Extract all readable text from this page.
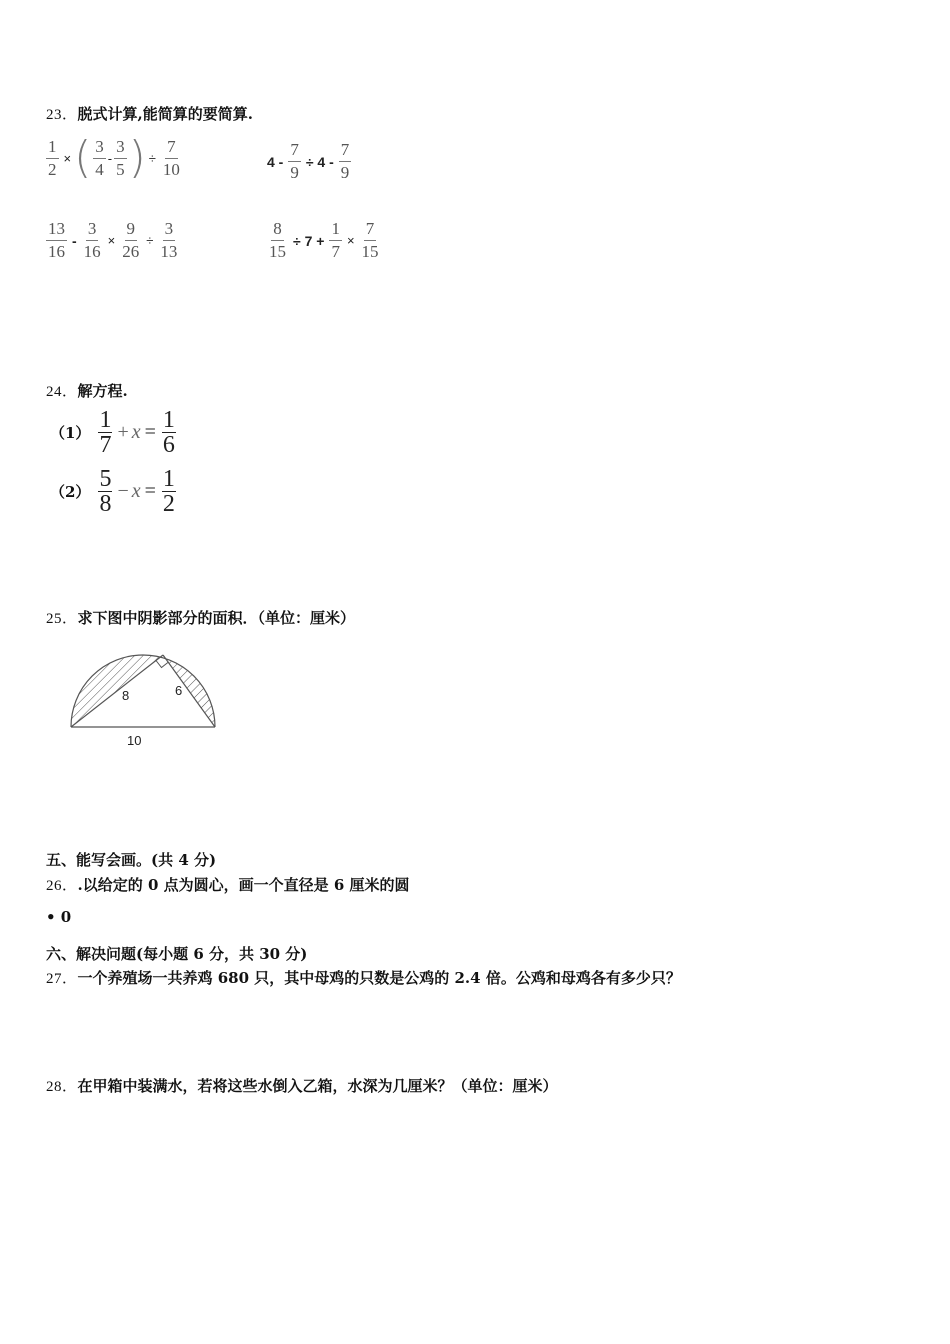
23．脱式计算,能简算的要简算.
$\frac{1}{2}$ × ( $\frac{3}{4} - \frac{3}{5}$ ) ÷ $\frac{7}{10}$	$4 - \frac{7}{9} \div 4 - \frac{7}{9}$
$\frac{13}{16} - \frac{3}{16} \times \frac{9}{26} \div \frac{3}{13}$	$\frac{8}{15} \div 7 + \frac{1}{7} \times \frac{7}{15}$
24．解方程.
（1） 1
$7 + x = \frac{1}{6}$
（2） 5
$8 - x = \frac{1}{2}$
25．求下图中阴影部分的面积．（单位：厘米）
8	6
10
五、能写会画。(共 4 分)
26．.以给定的 0 点为圆心，画一个直径是 6 厘米的圆
• 0
六、解决问题(每小题 6 分，共 30 分)
27．一个养殖场一共养鸡 680 只，其中母鸡的只数是公鸡的 2.4 倍。公鸡和母鸡各有多少只？
28．在甲箱中装满水，若将这些水倒入乙箱，水深为几厘米？（单位：厘米）
